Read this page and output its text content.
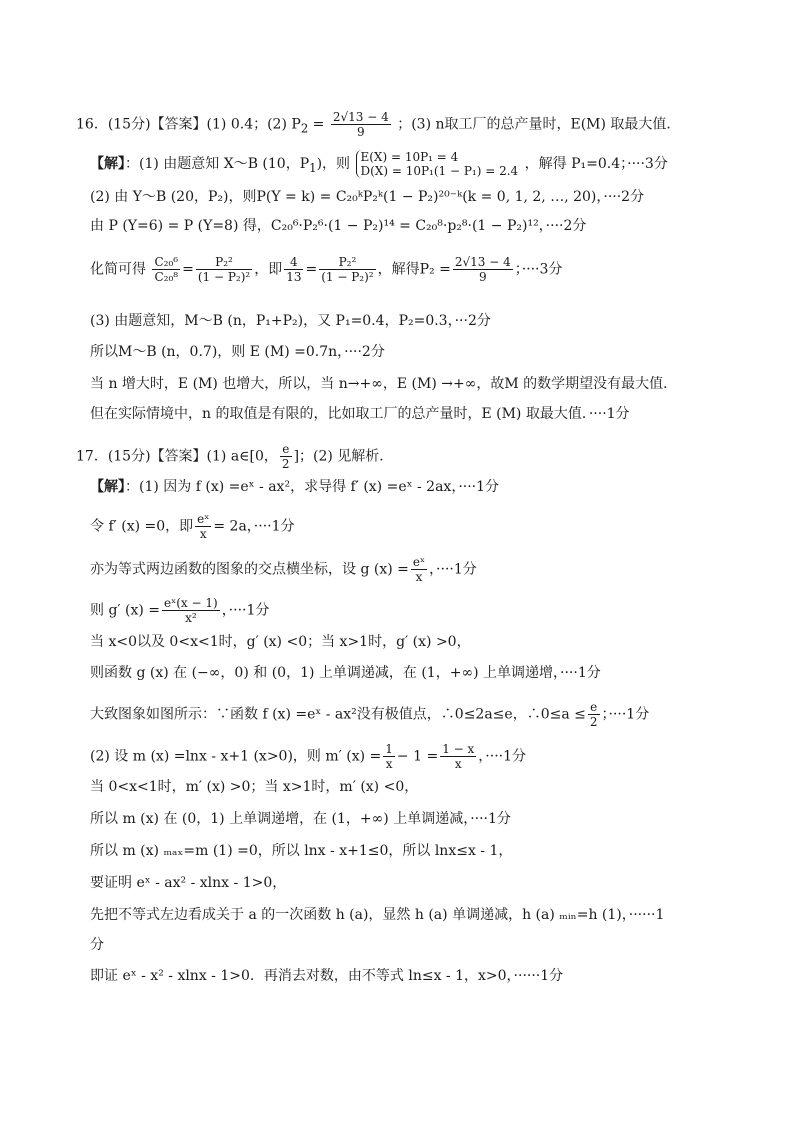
16．(15分)【答案】(1) 0.4；(2) $P_2 = \frac{2√13 - 4}{9}$ ；(3) n取工厂的总产量时，E(M) 取最大值．
【解】：(1) 由题意知 X～B (10，$P_1$)，则 E(X) = 10P₁ = 4
D(X) = 10P₁(1 − P₁) = 2.4 ，解得 P₁=0.4；····3分
(2) 由 Y～B (20，P₂)，则P(Y = k) = C₂₀ᵏP₂ᵏ(1 − P₂)²⁰⁻ᵏ(k = 0, 1, 2, …, 20)，····2分
由 P (Y=6) = P (Y=8) 得，C₂₀⁶·P₂⁶·(1 − P₂)¹⁴ = C₂₀⁸·p₂⁸·(1 − P₂)¹²，····2分
化简可得 $\frac{\text{C₂₀⁶}}{\text{C₂₀⁸}} = \frac{\text{P₂²}}{\text{(1 − P₂)²}}$ ，即 $\frac{4}{13} = \frac{\text{P₂²}}{\text{(1 − P₂)²}}$ ，解得$P_2 = \frac{2√13 - 4}{9}$ ；····3分
(3) 由题意知，M～B (n，P₁+P₂)，又 P₁=0.4，P₂=0.3，···2分
所以M～B (n，0.7)，则 E (M) =0.7n，····2分
当 n 增大时，E (M) 也增大，所以，当 n→+∞，E (M) →+∞，故M 的数学期望没有最大值．
但在实际情境中，n 的取值是有限的，比如取工厂的总产量时，E (M) 取最大值．····1分
17．(15分)【答案】(1) a∈[0， $\frac{e}{2}$ ]；(2) 见解析．
【解】：(1) 因为 f (x) =eˣ - ax²，求导得 f′ (x) =eˣ - 2ax，····1分
令 f′ (x) =0，即 $\frac{\text{eˣ}}{x} = 2a$，····1分
亦为等式两边函数的图象的交点横坐标，设 g $(x) = \frac{\text{eˣ}}{x}$ ，····1分
则 g′ $(x) = \frac{\text{eˣ(x − 1)}}{\text{x²}}$ ，····1分
当 x<0以及 0<x<1时，g′ (x) <0；当 x>1时，g′ (x) >0，
则函数 g (x) 在 (−∞，0) 和 (0，1) 上单调递减，在 (1，+∞) 上单调递增，····1分
大致图象如图所示：∵函数 f (x) =eˣ - ax²没有极值点，∴0≤2a≤e，∴0≤a ≤ $\frac{e}{2}$ ；····1分
(2) 设 m (x) =lnx - x+1 (x>0)，则 m′ $(x) = \frac{1}{x} - 1 = \frac{1 - x}{x}$ ，····1分
当 0<x<1时，m′ (x) >0；当 x>1时，m′ (x) <0，
所以 m (x) 在 (0，1) 上单调递增，在 (1，+∞) 上单调递减，····1分
所以 m (x) ₘₐₓ=m (1) =0，所以 lnx - x+1≤0，所以 lnx≤x - 1，
要证明 eˣ - ax² - xlnx - 1>0，
先把不等式左边看成关于 a 的一次函数 h (a)，显然 h (a) 单调递减，h (a) ₘᵢₙ=h (1)，······1
分
即证 eˣ - x² - xlnx - 1>0．再消去对数，由不等式 ln≤x - 1，x>0，······1分
